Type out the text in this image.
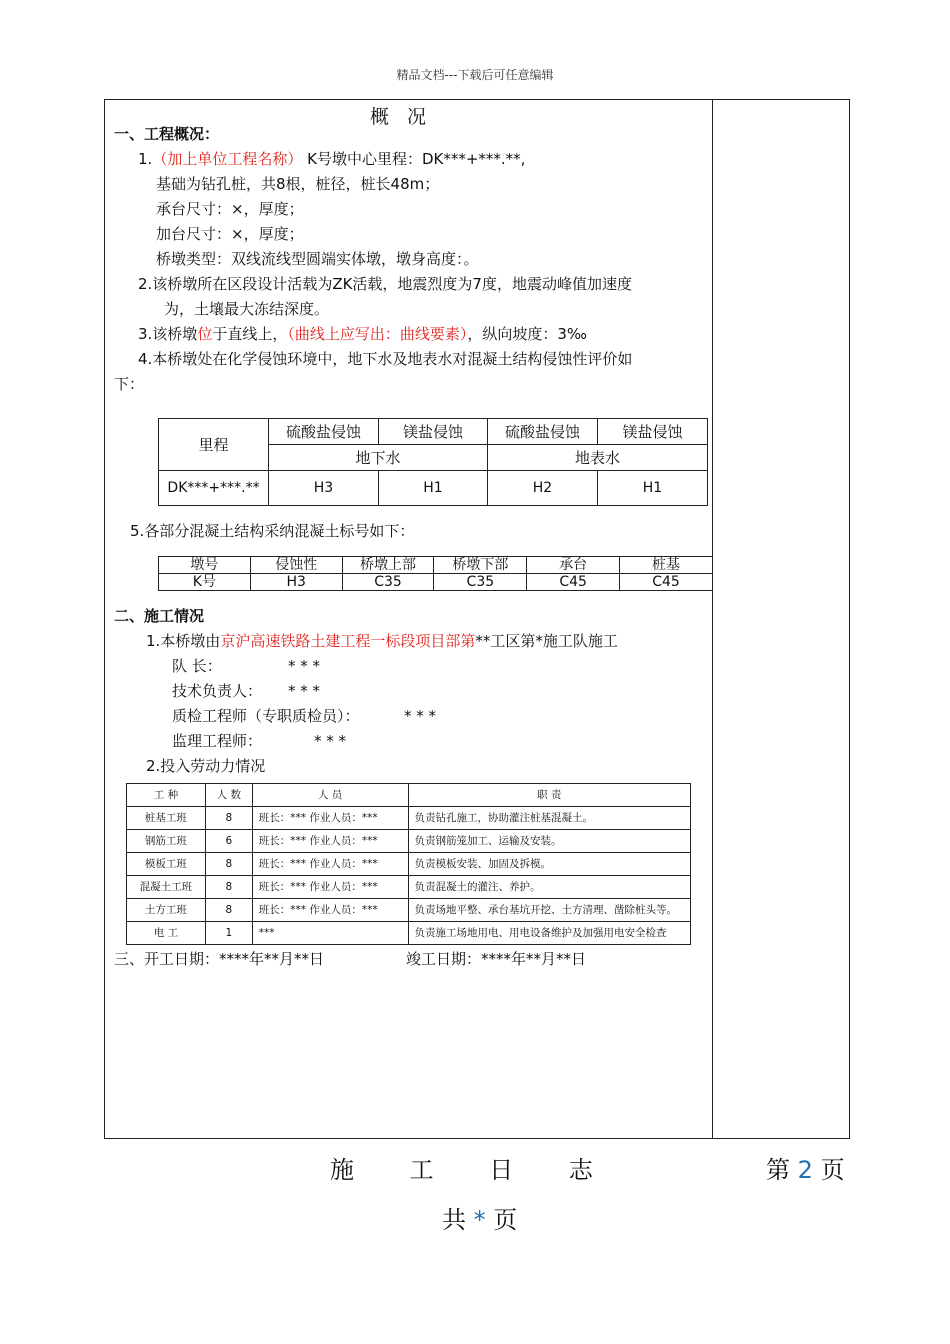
精品文档---下载后可任意编辑
概 况
一、工程概况：
1.（加上单位工程名称） K号墩中心里程：DK***+***.**,
基础为钻孔桩，共8根，桩径，桩长48m；
承台尺寸：×，厚度；
加台尺寸：×，厚度；
桥墩类型：双线流线型圆端实体墩，墩身高度：。
2.该桥墩所在区段设计活载为ZK活载，地震烈度为7度，地震动峰值加速度
为，土壤最大冻结深度。
3.该桥墩位于直线上，（曲线上应写出：曲线要素），纵向坡度：3‰
4.本桥墩处在化学侵蚀环境中，地下水及地表水对混凝土结构侵蚀性评价如
下：
里程	硫酸盐侵蚀	镁盐侵蚀	硫酸盐侵蚀	镁盐侵蚀
	地下水		地表水	
DK***+***.**	H3	H1	H2	H1
5.各部分混凝土结构采纳混凝土标号如下：
墩号	侵蚀性	桥墩上部	桥墩下部	承台	桩基
K号	H3	C35	C35	C45	C45
二、施工情况
1.本桥墩由京沪高速铁路土建工程一标段项目部第**工区第*施工队施工
队 长：	* * *
技术负责人： * * *
质检工程师（专职质检员）：	* * *
监理工程师：	* * *
2.投入劳动力情况
工 种	人 数	人 员	职 责
桩基工班	8	班长：*** 作业人员：***	负责钻孔施工，协助灌注桩基混凝土。
钢筋工班	6	班长：*** 作业人员：***	负责钢筋笼加工、运输及安装。
模板工班	8	班长：*** 作业人员：***	负责模板安装、加固及拆模。
混凝土工班	8	班长：*** 作业人员：***	负责混凝土的灌注、养护。
土方工班	8	班长：*** 作业人员：***	负责场地平整、承台基坑开挖、土方清理、凿除桩头等。
电 工	1	***	负责施工场地用电、用电设备维护及加强用电安全检查
三、开工日期：****年**月**日	竣工日期：****年**月**日
施 工 日 志	第 2 页
共 * 页
